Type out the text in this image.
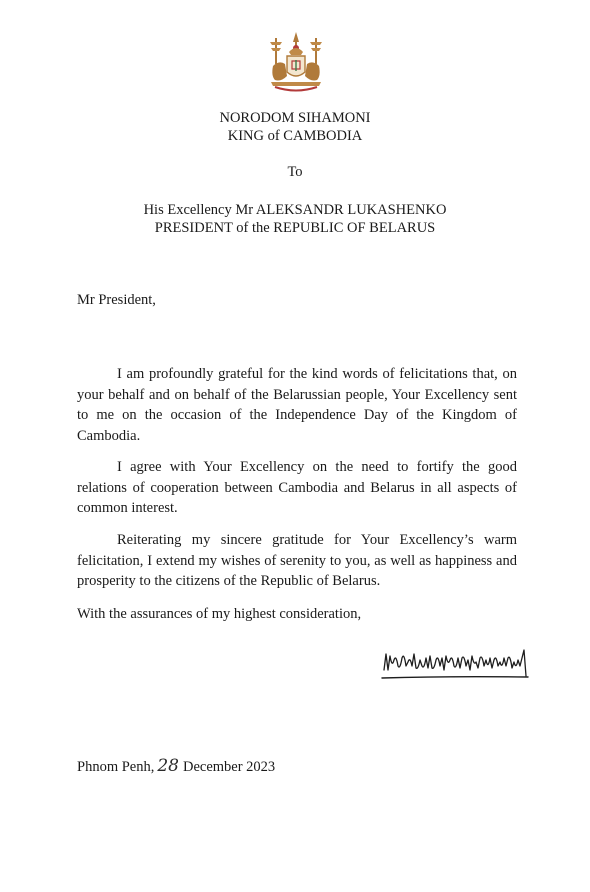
NORODOM SIHAMONI
KING of CAMBODIA
To
His Excellency Mr ALEKSANDR LUKASHENKO
PRESIDENT of the REPUBLIC OF BELARUS
Mr President,
I am profoundly grateful for the kind words of felicitations that, on your behalf and on behalf of the Belarussian people, Your Excellency sent to me on the occasion of the Independence Day of the Kingdom of Cambodia.
I agree with Your Excellency on the need to fortify the good relations of cooperation between Cambodia and Belarus in all aspects of common interest.
Reiterating my sincere gratitude for Your Excellency’s warm felicitation, I extend my wishes of serenity to you, as well as happiness and prosperity to the citizens of the Republic of Belarus.
With the assurances of my highest consideration,
Phnom Penh, 28 December 2023
